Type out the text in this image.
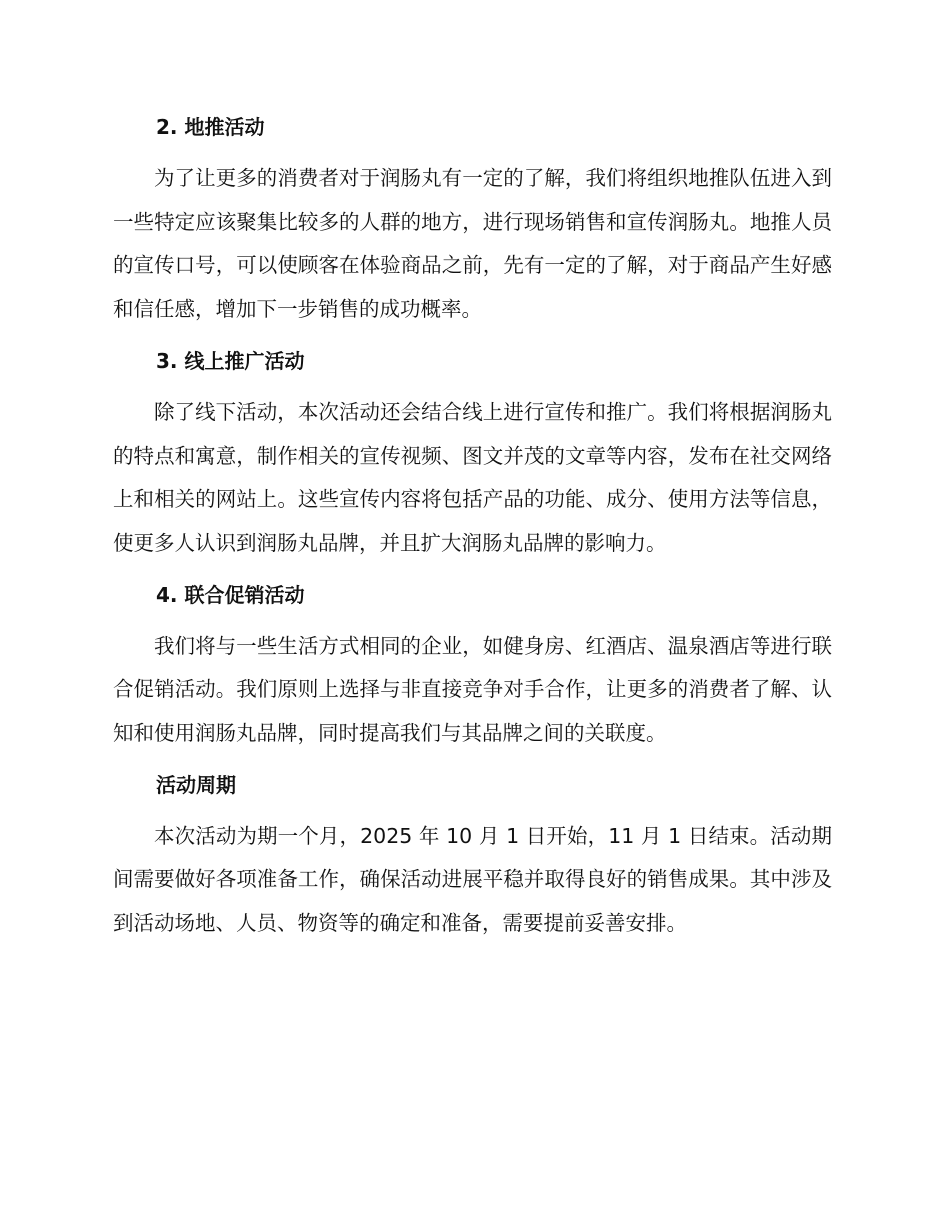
2. 地推活动

为了让更多的消费者对于润肠丸有一定的了解，我们将组织地推队伍进入到一些特定应该聚集比较多的人群的地方，进行现场销售和宣传润肠丸。地推人员的宣传口号，可以使顾客在体验商品之前，先有一定的了解，对于商品产生好感和信任感，增加下一步销售的成功概率。

3. 线上推广活动

除了线下活动，本次活动还会结合线上进行宣传和推广。我们将根据润肠丸的特点和寓意，制作相关的宣传视频、图文并茂的文章等内容，发布在社交网络上和相关的网站上。这些宣传内容将包括产品的功能、成分、使用方法等信息，使更多人认识到润肠丸品牌，并且扩大润肠丸品牌的影响力。

4. 联合促销活动

我们将与一些生活方式相同的企业，如健身房、红酒店、温泉酒店等进行联合促销活动。我们原则上选择与非直接竞争对手合作，让更多的消费者了解、认知和使用润肠丸品牌，同时提高我们与其品牌之间的关联度。

活动周期

本次活动为期一个月，2025 年 10 月 1 日开始，11 月 1 日结束。活动期间需要做好各项准备工作，确保活动进展平稳并取得良好的销售成果。其中涉及到活动场地、人员、物资等的确定和准备，需要提前妥善安排。
